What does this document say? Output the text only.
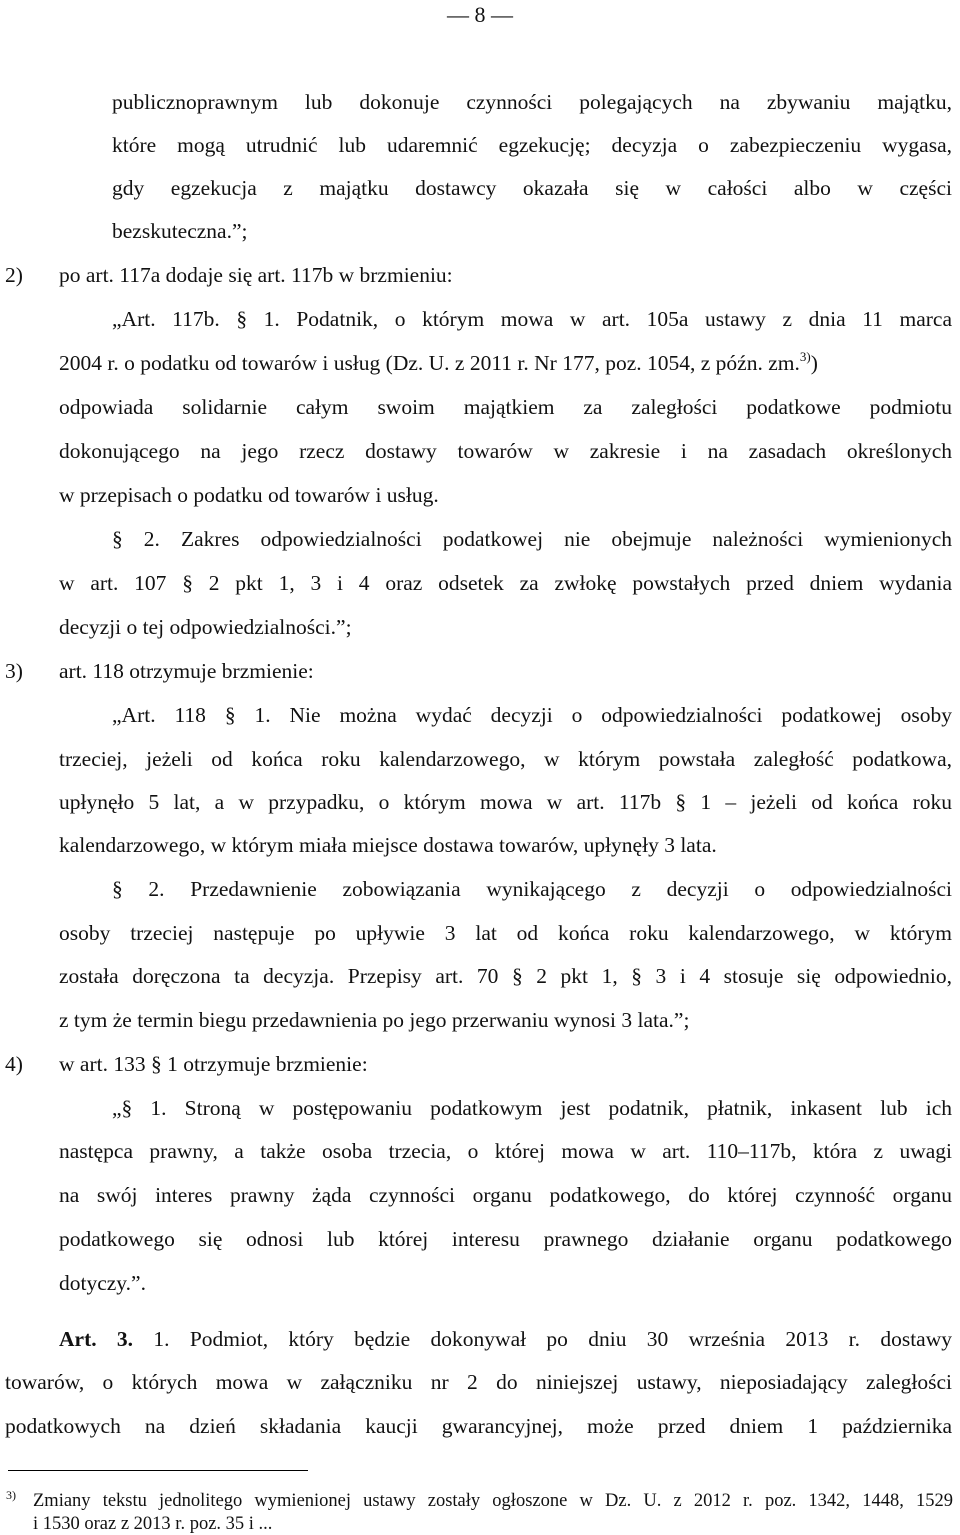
— 8 —
publicznoprawnym lub dokonuje czynności polegających na zbywaniu majątku,
które mogą utrudnić lub udaremnić egzekucję; decyzja o zabezpieczeniu wygasa,
gdy egzekucja z majątku dostawcy okazała się w całości albo w części
bezskuteczna.”;
2) po art. 117a dodaje się art. 117b w brzmieniu:
„Art. 117b. § 1. Podatnik, o którym mowa w art. 105a ustawy z dnia 11 marca
2004 r. o podatku od towarów i usług (Dz. U. z 2011 r. Nr 177, poz. 1054, z późn. zm.$^{3)}$)
odpowiada solidarnie całym swoim majątkiem za zaległości podatkowe podmiotu
dokonującego na jego rzecz dostawy towarów w zakresie i na zasadach określonych
w przepisach o podatku od towarów i usług.
§ 2. Zakres odpowiedzialności podatkowej nie obejmuje należności wymienionych
w art. 107 § 2 pkt 1, 3 i 4 oraz odsetek za zwłokę powstałych przed dniem wydania
decyzji o tej odpowiedzialności.”;
3) art. 118 otrzymuje brzmienie:
„Art. 118 § 1. Nie można wydać decyzji o odpowiedzialności podatkowej osoby
trzeciej, jeżeli od końca roku kalendarzowego, w którym powstała zaległość podatkowa,
upłynęło 5 lat, a w przypadku, o którym mowa w art. 117b § 1 – jeżeli od końca roku
kalendarzowego, w którym miała miejsce dostawa towarów, upłynęły 3 lata.
§ 2. Przedawnienie zobowiązania wynikającego z decyzji o odpowiedzialności
osoby trzeciej następuje po upływie 3 lat od końca roku kalendarzowego, w którym
została doręczona ta decyzja. Przepisy art. 70 § 2 pkt 1, § 3 i 4 stosuje się odpowiednio,
z tym że termin biegu przedawnienia po jego przerwaniu wynosi 3 lata.”;
4) w art. 133 § 1 otrzymuje brzmienie:
„§ 1. Stroną w postępowaniu podatkowym jest podatnik, płatnik, inkasent lub ich
następca prawny, a także osoba trzecia, o której mowa w art. 110–117b, która z uwagi
na swój interes prawny żąda czynności organu podatkowego, do której czynność organu
podatkowego się odnosi lub której interesu prawnego działanie organu podatkowego
dotyczy.”.
Art. 3. 1. Podmiot, który będzie dokonywał po dniu 30 września 2013 r. dostawy
towarów, o których mowa w załączniku nr 2 do niniejszej ustawy, nieposiadający zaległości
podatkowych na dzień składania kaucji gwarancyjnej, może przed dniem 1 października
3) Zmiany tekstu jednolitego wymienionej ustawy zostały ogłoszone w Dz. U. z 2012 r. poz. 1342, 1448, 1529
i 1530 oraz z 2013 r. poz. 35 i ...
